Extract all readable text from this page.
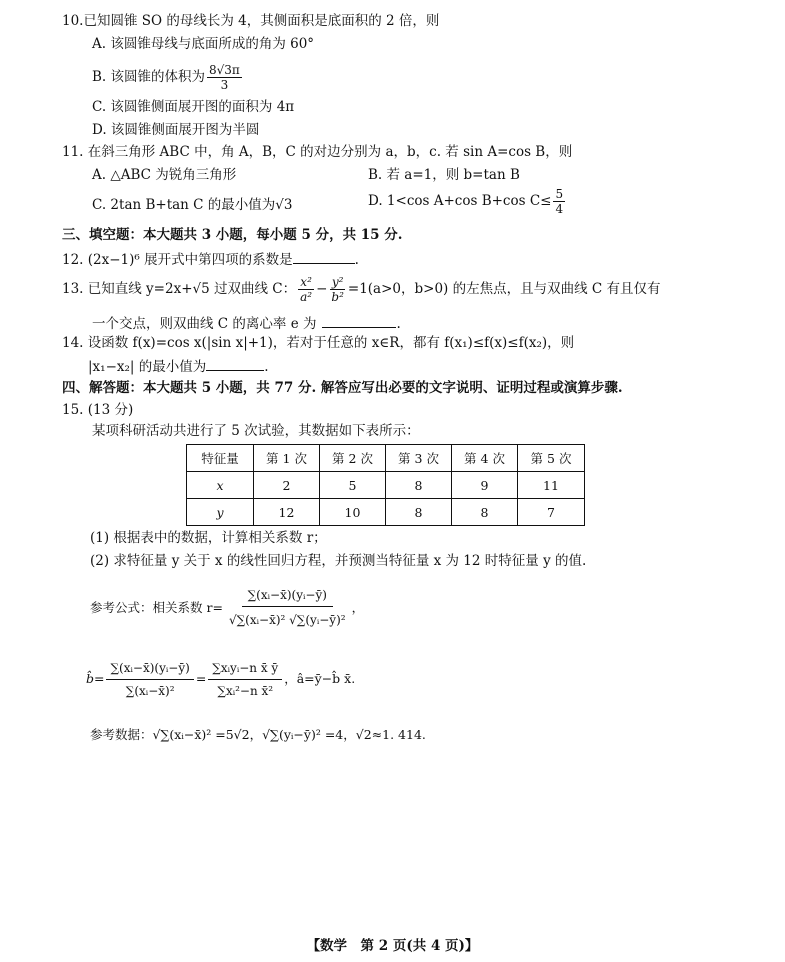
10.已知圆锥 SO 的母线长为 4，其侧面积是底面积的 2 倍，则
A. 该圆锥母线与底面所成的角为 60°
B. 该圆锥的体积为 $\frac{8√3\pi}{3}$
C. 该圆锥侧面展开图的面积为 4π
D. 该圆锥侧面展开图为半圆
11. 在斜三角形 ABC 中，角 A，B，C 的对边分别为 a，b，c. 若 sin A=cos B，则
A. △ABC 为锐角三角形	B. 若 a=1，则 b=tan B
C. 2tan B+tan C 的最小值为√3	D. 1<cos A+cos B+cos $C\le \frac{5}{4}$
三、填空题：本大题共 3 小题，每小题 5 分，共 15 分.
12. (2x−1)⁶ 展开式中第四项的系数是	.
13. 已知直线 y=2x+√5 过双曲线 C： $\frac{\text{x²}}{\text{a²}} - \frac{\text{y²}}{\text{b²}} =1(a>0$，b>0) 的左焦点，且与双曲线 C 有且仅有
一个交点，则双曲线 C 的离心率 e 为	.
14. 设函数 f(x)=cos x(|sin x|+1)，若对于任意的 x∈R，都有 f(x₁)≤f(x)≤f(x₂)，则
|x₁−x₂| 的最小值为	.
四、解答题：本大题共 5 小题，共 77 分. 解答应写出必要的文字说明、证明过程或演算步骤.
15. (13 分)
某项科研活动共进行了 5 次试验，其数据如下表所示：
特征量	第 1 次	第 2 次	第 3 次	第 4 次	第 5 次
x	2	5	8	9	11
y	12	10	8	8	7
(1) 根据表中的数据，计算相关系数 r；
(2) 求特征量 y 关于 x 的线性回归方程，并预测当特征量 x 为 12 时特征量 y 的值.
参考公式：相关系数 $r= \frac{\text{∑(xᵢ−x̄)(yᵢ−ȳ)}}{\text{√∑(xᵢ−x̄)² √∑(yᵢ−ȳ)²}}$ ，
b̂= $\frac{\text{∑(xᵢ−x̄)(yᵢ−ȳ)}}{\text{∑(xᵢ−x̄)²}} = \frac{\text{∑xᵢyᵢ−n x̄ ȳ}}{\text{∑xᵢ²−n x̄²}}$ ，â=ȳ−b̂ x̄.
参考数据：√∑(xᵢ−x̄)² =5√2，√∑(yᵢ−ȳ)² =4，√2≈1. 414.
【数学　第 2 页(共 4 页)】
